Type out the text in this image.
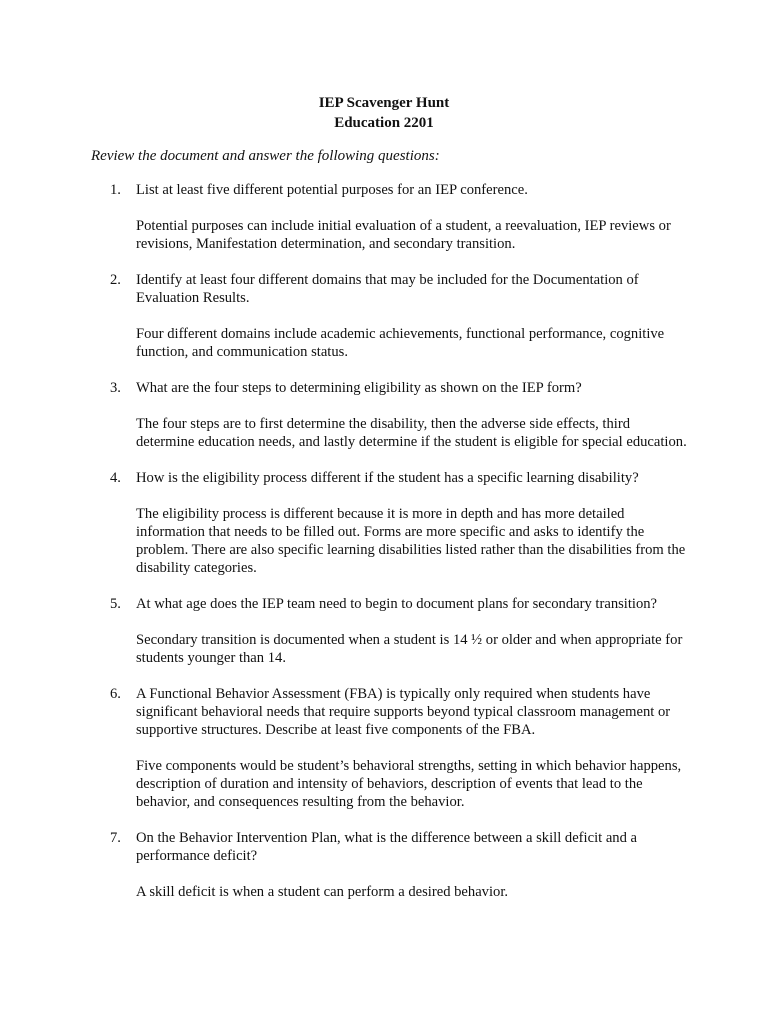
IEP Scavenger Hunt
Education 2201
Review the document and answer the following questions:
1.	List at least five different potential purposes for an IEP conference.

Potential purposes can include initial evaluation of a student, a reevaluation, IEP reviews or revisions, Manifestation determination, and secondary transition.

2.	Identify at least four different domains that may be included for the Documentation of Evaluation Results.

Four different domains include academic achievements, functional performance, cognitive function, and communication status.

3.	What are the four steps to determining eligibility as shown on the IEP form?

The four steps are to first determine the disability, then the adverse side effects, third determine education needs, and lastly determine if the student is eligible for special education.

4.	How is the eligibility process different if the student has a specific learning disability?

The eligibility process is different because it is more in depth and has more detailed information that needs to be filled out. Forms are more specific and asks to identify the problem. There are also specific learning disabilities listed rather than the disabilities from the disability categories.

5.	At what age does the IEP team need to begin to document plans for secondary transition?

Secondary transition is documented when a student is 14 ½ or older and when appropriate for students younger than 14.

6.	A Functional Behavior Assessment (FBA) is typically only required when students have significant behavioral needs that require supports beyond typical classroom management or supportive structures. Describe at least five components of the FBA.

Five components would be student’s behavioral strengths, setting in which behavior happens, description of duration and intensity of behaviors, description of events that lead to the behavior, and consequences resulting from the behavior.

7.	On the Behavior Intervention Plan, what is the difference between a skill deficit and a performance deficit?

A skill deficit is when a student can perform a desired behavior.
